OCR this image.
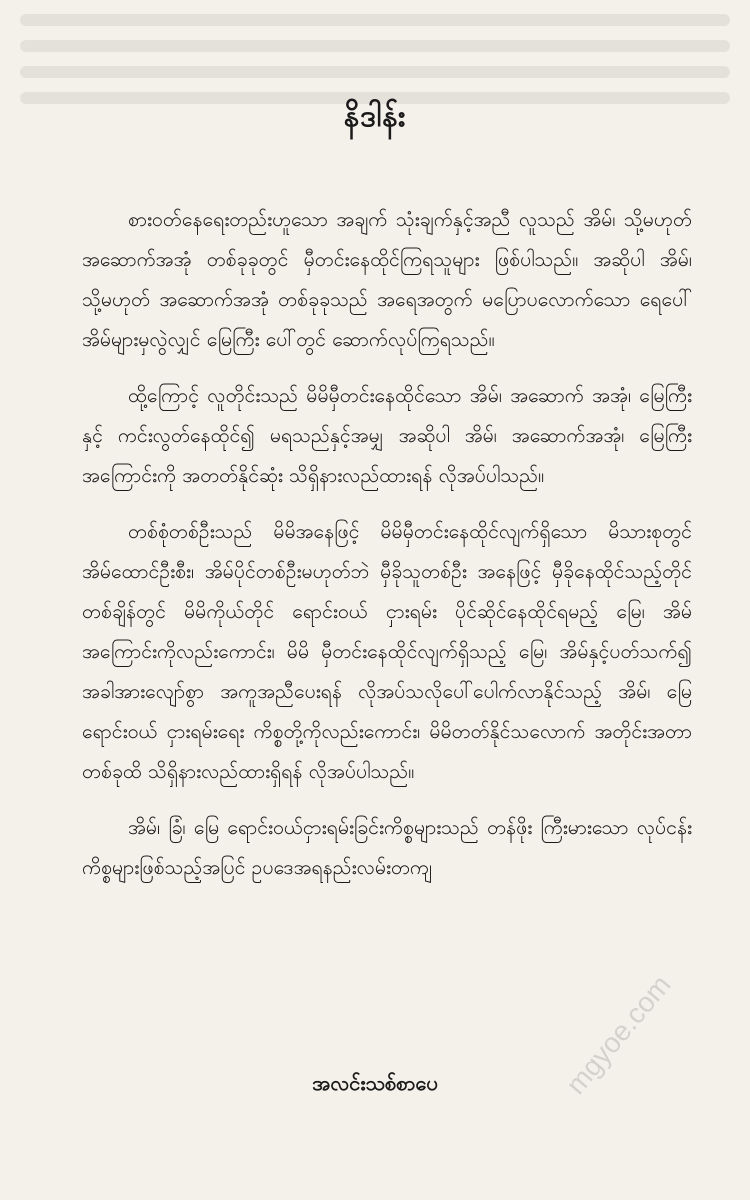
နိဒါန်း

စားဝတ်နေရေးတည်းဟူသော အချက် သုံးချက်နှင့်အညီ လူသည် အိမ်၊ သို့မဟုတ် အဆောက်အအုံ တစ်ခုခုတွင် မှီတင်းနေထိုင်ကြရသူများ ဖြစ်ပါသည်။ အဆိုပါ အိမ်၊ သို့မဟုတ် အဆောက်အအုံ တစ်ခုခုသည် အရေအတွက် မပြောပလောက်သော ရေပေါ်အိမ်များမှလွဲလျှင် မြေကြီး ပေါ်တွင် ဆောက်လုပ်ကြရသည်။

ထို့ကြောင့် လူတိုင်းသည် မိမိမှီတင်းနေထိုင်သော အိမ်၊ အဆောက် အအုံ၊ မြေကြီးနှင့် ကင်းလွတ်နေထိုင်၍ မရသည်နှင့်အမျှ အဆိုပါ အိမ်၊ အဆောက်အအုံ၊ မြေကြီးအကြောင်းကို အတတ်နိုင်ဆုံး သိရှိနားလည်ထားရန် လိုအပ်ပါသည်။

တစ်စုံတစ်ဦးသည် မိမိအနေဖြင့် မိမိမှီတင်းနေထိုင်လျက်ရှိသော မိသားစုတွင် အိမ်ထောင်ဦးစီး၊ အိမ်ပိုင်တစ်ဦးမဟုတ်ဘဲ မှီခိုသူတစ်ဦး အနေဖြင့် မှီခိုနေထိုင်သည့်တိုင် တစ်ချိန်တွင် မိမိကိုယ်တိုင် ရောင်းဝယ် ငှားရမ်း ပိုင်ဆိုင်နေထိုင်ရမည့် မြေ၊ အိမ် အကြောင်းကိုလည်းကောင်း၊ မိမိ မှီတင်းနေထိုင်လျက်ရှိသည့် မြေ၊ အိမ်နှင့်ပတ်သက်၍ အခါအားလျော်စွာ အကူအညီပေးရန် လိုအပ်သလိုပေါ်ပေါက်လာနိုင်သည့် အိမ်၊ မြေ ရောင်းဝယ် ငှားရမ်းရေး ကိစ္စတို့ကိုလည်းကောင်း၊ မိမိတတ်နိုင်သလောက် အတိုင်းအတာ တစ်ခုထိ သိရှိနားလည်ထားရှိရန် လိုအပ်ပါသည်။

အိမ်၊ ခြံ၊ မြေ ရောင်းဝယ်ငှားရမ်းခြင်းကိစ္စများသည် တန်ဖိုး ကြီးမားသော လုပ်ငန်းကိစ္စများဖြစ်သည့်အပြင် ဥပဒေအရနည်းလမ်းတကျ

အလင်းသစ်စာပေ	mgyoe.com
